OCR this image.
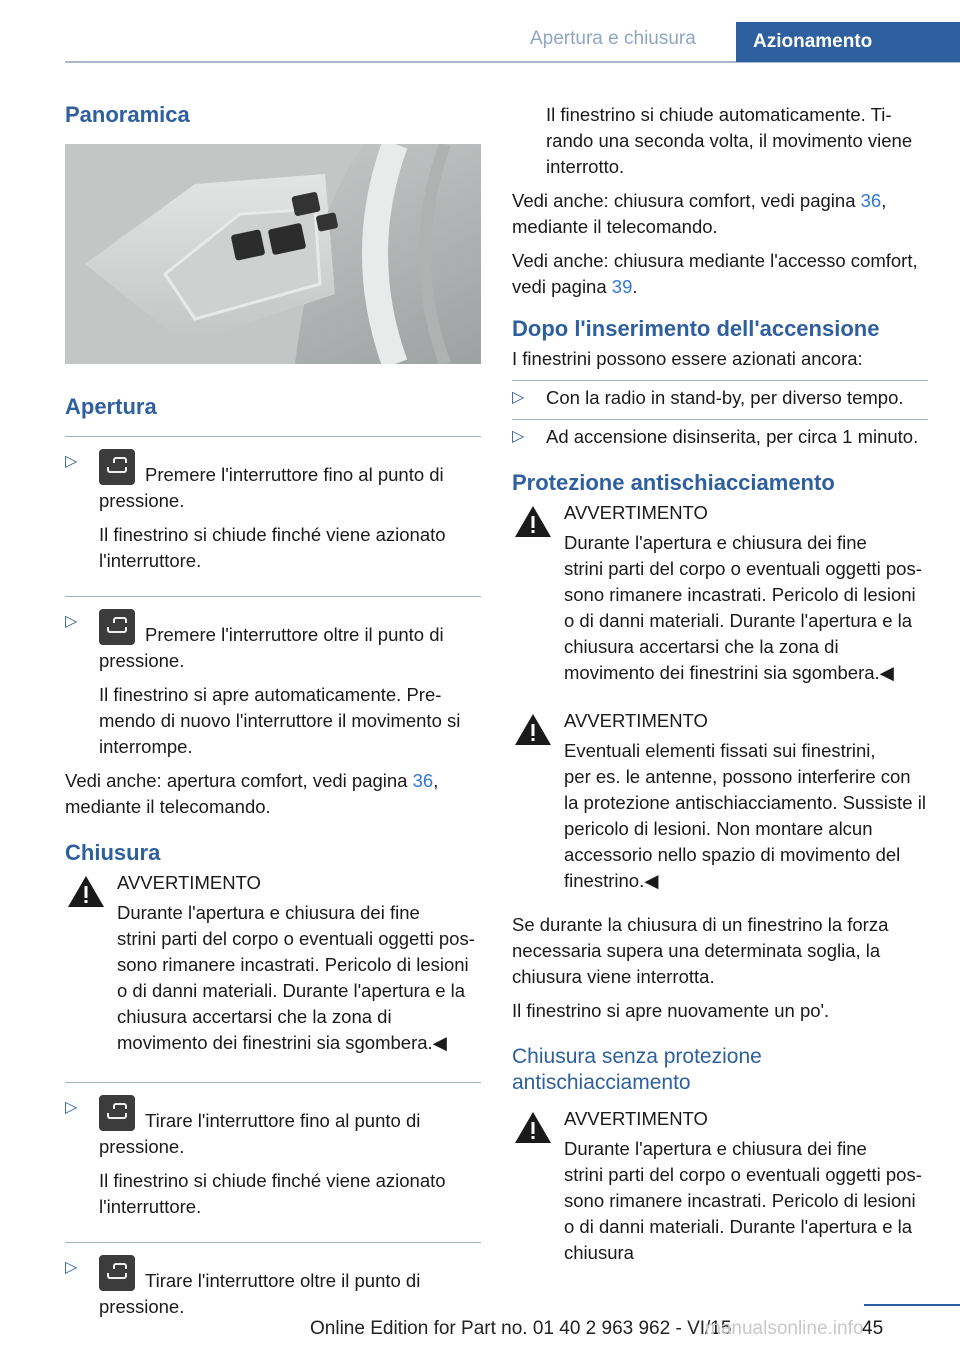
Apertura e chiusura	Azionamento
Panoramica
Apertura
▷

Premere l'interruttore fino al punto di pressione.

Il finestrino si chiude finché viene azionato l'interruttore.

▷

Premere l'interruttore oltre il punto di pressione.

Il finestrino si apre automaticamente. Premendo di nuovo l'interruttore il movimento si interrompe.

Vedi anche: apertura comfort, vedi pagina 36, mediante il telecomando.

Chiusura

AVVERTIMENTO

Durante l'apertura e chiusura dei fine

strini parti del corpo o eventuali oggetti possono rimanere incastrati. Pericolo di lesioni o di danni materiali. Durante l'apertura e la chiusura accertarsi che la zona di movimento dei finestrini sia sgombera.◀

▷

Tirare l'interruttore fino al punto di pressione.

Il finestrino si chiude finché viene azionato l'interruttore.

▷

Tirare l'interruttore oltre il punto di pressione.

Il finestrino si chiude automaticamente. Tirando una seconda volta, il movimento viene interrotto.

Vedi anche: chiusura comfort, vedi pagina 36, mediante il telecomando.

Vedi anche: chiusura mediante l'accesso comfort, vedi pagina 39.

Dopo l'inserimento dell'accensione

I finestrini possono essere azionati ancora:

▷ Con la radio in stand-by, per diverso tempo.

▷ Ad accensione disinserita, per circa 1 minuto.

Protezione antischiacciamento

AVVERTIMENTO

Durante l'apertura e chiusura dei fine

strini parti del corpo o eventuali oggetti possono rimanere incastrati. Pericolo di lesioni o di danni materiali. Durante l'apertura e la chiusura accertarsi che la zona di movimento dei finestrini sia sgombera.◀

AVVERTIMENTO

Eventuali elementi fissati sui finestrini,

per es. le antenne, possono interferire con la protezione antischiacciamento. Sussiste il pericolo di lesioni. Non montare alcun accessorio nello spazio di movimento del finestrino.◀

Se durante la chiusura di un finestrino la forza necessaria supera una determinata soglia, la chiusura viene interrotta.

Il finestrino si apre nuovamente un po'.

Chiusura senza protezione antischiacciamento

AVVERTIMENTO

Durante l'apertura e chiusura dei fine

strini parti del corpo o eventuali oggetti possono rimanere incastrati. Pericolo di lesioni o di danni materiali. Durante l'apertura e la chiusura

45
Online Edition for Part no. 01 40 2 963 962 - VI/15
manualsonline.info
